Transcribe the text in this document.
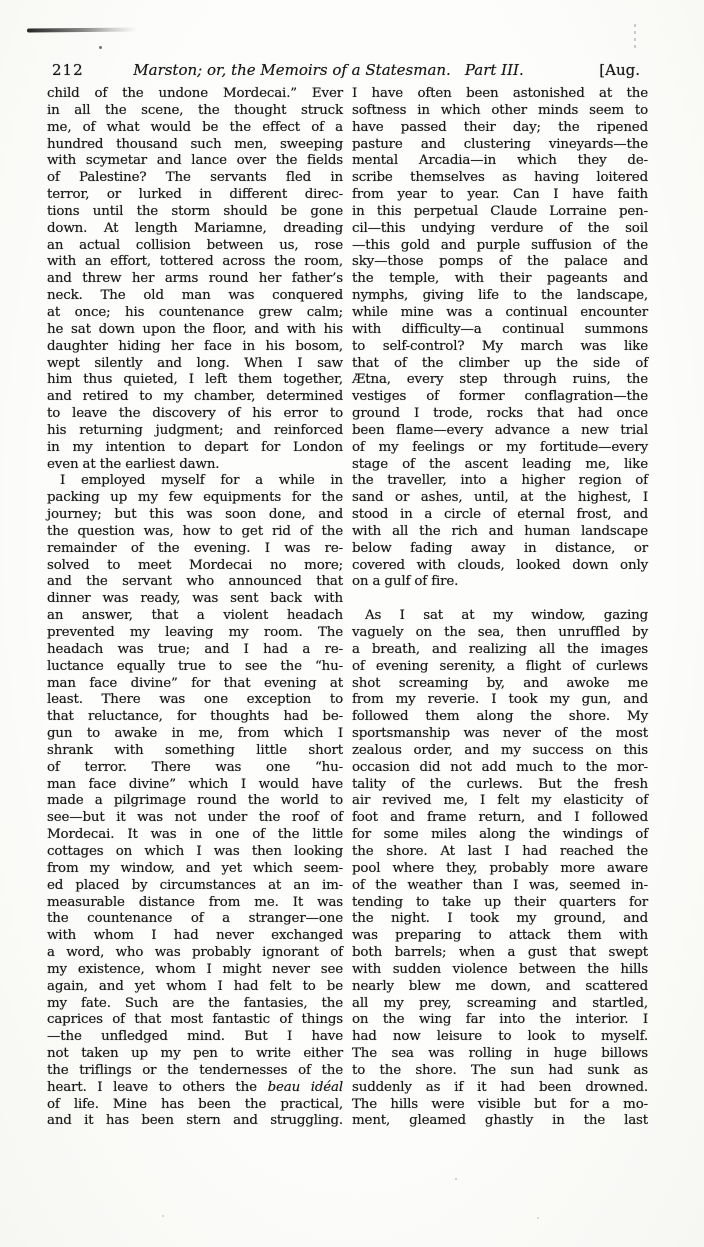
212	Marston; or, the Memoirs of a Statesman. Part III.	[Aug.
child of the undone Mordecai.” Ever
in all the scene, the thought struck
me, of what would be the effect of a
hundred thousand such men, sweeping
with scymetar and lance over the fields
of Palestine? The servants fled in
terror, or lurked in different direc-
tions until the storm should be gone
down. At length Mariamne, dreading
an actual collision between us, rose
with an effort, tottered across the room,
and threw her arms round her father’s
neck. The old man was conquered
at once; his countenance grew calm;
he sat down upon the floor, and with his
daughter hiding her face in his bosom,
wept silently and long. When I saw
him thus quieted, I left them together,
and retired to my chamber, determined
to leave the discovery of his error to
his returning judgment; and reinforced
in my intention to depart for London
even at the earliest dawn.
I employed myself for a while in
packing up my few equipments for the
journey; but this was soon done, and
the question was, how to get rid of the
remainder of the evening. I was re-
solved to meet Mordecai no more;
and the servant who announced that
dinner was ready, was sent back with
an answer, that a violent headach
prevented my leaving my room. The
headach was true; and I had a re-
luctance equally true to see the “hu-
man face divine” for that evening at
least. There was one exception to
that reluctance, for thoughts had be-
gun to awake in me, from which I
shrank with something little short
of terror. There was one “hu-
man face divine” which I would have
made a pilgrimage round the world to
see—but it was not under the roof of
Mordecai. It was in one of the little
cottages on which I was then looking
from my window, and yet which seem-
ed placed by circumstances at an im-
measurable distance from me. It was
the countenance of a stranger—one
with whom I had never exchanged
a word, who was probably ignorant of
my existence, whom I might never see
again, and yet whom I had felt to be
my fate. Such are the fantasies, the
caprices of that most fantastic of things
—the unfledged mind. But I have
not taken up my pen to write either
the triflings or the tendernesses of the
heart. I leave to others the beau idéal
of life. Mine has been the practical,
and it has been stern and struggling.
I have often been astonished at the
softness in which other minds seem to
have passed their day; the ripened
pasture and clustering vineyards—the
mental Arcadia—in which they de-
scribe themselves as having loitered
from year to year. Can I have faith
in this perpetual Claude Lorraine pen-
cil—this undying verdure of the soil
—this gold and purple suffusion of the
sky—those pomps of the palace and
the temple, with their pageants and
nymphs, giving life to the landscape,
while mine was a continual encounter
with difficulty—a continual summons
to self-control? My march was like
that of the climber up the side of
Ætna, every step through ruins, the
vestiges of former conflagration—the
ground I trode, rocks that had once
been flame—every advance a new trial
of my feelings or my fortitude—every
stage of the ascent leading me, like
the traveller, into a higher region of
sand or ashes, until, at the highest, I
stood in a circle of eternal frost, and
with all the rich and human landscape
below fading away in distance, or
covered with clouds, looked down only
on a gulf of fire.
As I sat at my window, gazing
vaguely on the sea, then unruffled by
a breath, and realizing all the images
of evening serenity, a flight of curlews
shot screaming by, and awoke me
from my reverie. I took my gun, and
followed them along the shore. My
sportsmanship was never of the most
zealous order, and my success on this
occasion did not add much to the mor-
tality of the curlews. But the fresh
air revived me, I felt my elasticity of
foot and frame return, and I followed
for some miles along the windings of
the shore. At last I had reached the
pool where they, probably more aware
of the weather than I was, seemed in-
tending to take up their quarters for
the night. I took my ground, and
was preparing to attack them with
both barrels; when a gust that swept
with sudden violence between the hills
nearly blew me down, and scattered
all my prey, screaming and startled,
on the wing far into the interior. I
had now leisure to look to myself.
The sea was rolling in huge billows
to the shore. The sun had sunk as
suddenly as if it had been drowned.
The hills were visible but for a mo-
ment, gleamed ghastly in the last
